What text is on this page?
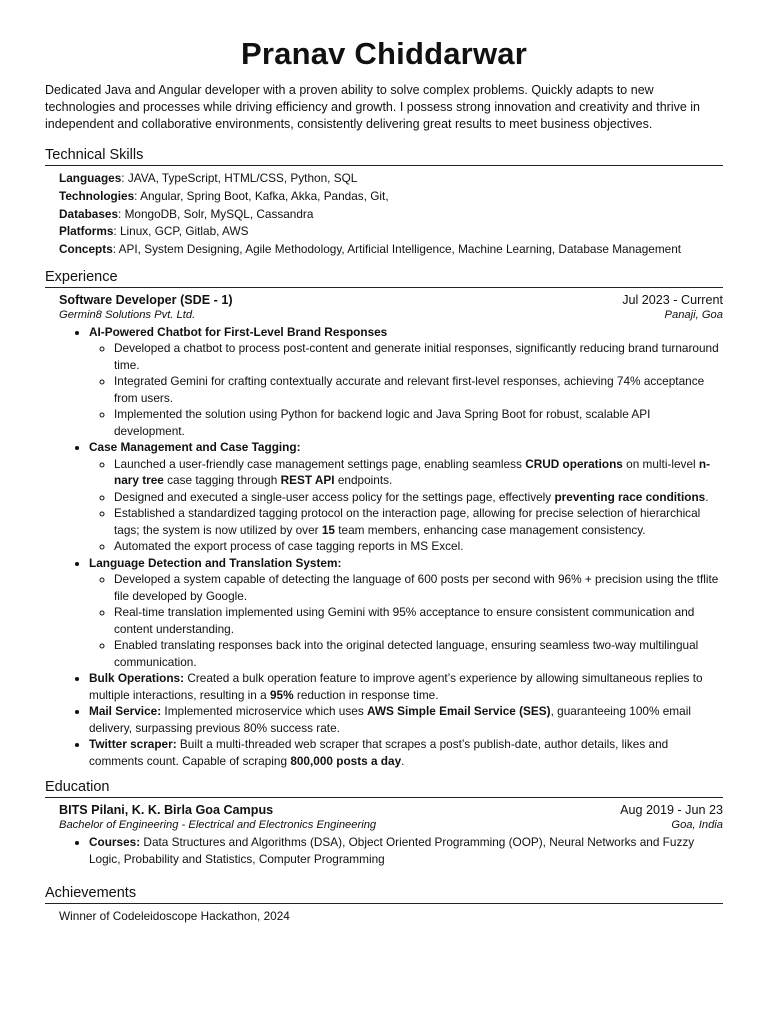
Pranav Chiddarwar

Dedicated Java and Angular developer with a proven ability to solve complex problems. Quickly adapts to new technologies and processes while driving efficiency and growth. I possess strong innovation and creativity and thrive in independent and collaborative environments, consistently delivering great results to meet business objectives.

Technical Skills
Languages: JAVA, TypeScript, HTML/CSS, Python, SQL
Technologies: Angular, Spring Boot, Kafka, Akka, Pandas, Git,
Databases: MongoDB, Solr, MySQL, Cassandra
Platforms: Linux, GCP, Gitlab, AWS
Concepts: API, System Designing, Agile Methodology, Artificial Intelligence, Machine Learning, Database Management
Experience
Software Developer (SDE - 1)	Jul 2023 - Current
Germin8 Solutions Pvt. Ltd.	Panaji, Goa
• AI-Powered Chatbot for First-Level Brand Responses
◦ Developed a chatbot to process post-content and generate initial responses, significantly reducing brand turnaround time.
◦ Integrated Gemini for crafting contextually accurate and relevant first-level responses, achieving 74% acceptance from users.
◦ Implemented the solution using Python for backend logic and Java Spring Boot for robust, scalable API development.
• Case Management and Case Tagging:
◦ Launched a user-friendly case management settings page, enabling seamless CRUD operations on multi-level n-nary tree case tagging through REST API endpoints.
◦ Designed and executed a single-user access policy for the settings page, effectively preventing race conditions.
◦ Established a standardized tagging protocol on the interaction page, allowing for precise selection of hierarchical tags; the system is now utilized by over 15 team members, enhancing case management consistency.
◦ Automated the export process of case tagging reports in MS Excel.
• Language Detection and Translation System:
◦ Developed a system capable of detecting the language of 600 posts per second with 96% + precision using the tflite file developed by Google.
◦ Real-time translation implemented using Gemini with 95% acceptance to ensure consistent communication and content understanding.
◦ Enabled translating responses back into the original detected language, ensuring seamless two-way multilingual communication.
• Bulk Operations: Created a bulk operation feature to improve agent’s experience by allowing simultaneous replies to multiple interactions, resulting in a 95% reduction in response time.
• Mail Service: Implemented microservice which uses AWS Simple Email Service (SES), guaranteeing 100% email delivery, surpassing previous 80% success rate.
• Twitter scraper: Built a multi-threaded web scraper that scrapes a post’s publish-date, author details, likes and comments count. Capable of scraping 800,000 posts a day.
Education
BITS Pilani, K. K. Birla Goa Campus	Aug 2019 - Jun 23
Bachelor of Engineering - Electrical and Electronics Engineering	Goa, India
• Courses: Data Structures and Algorithms (DSA), Object Oriented Programming (OOP), Neural Networks and Fuzzy Logic, Probability and Statistics, Computer Programming
Achievements
Winner of Codeleidoscope Hackathon, 2024
